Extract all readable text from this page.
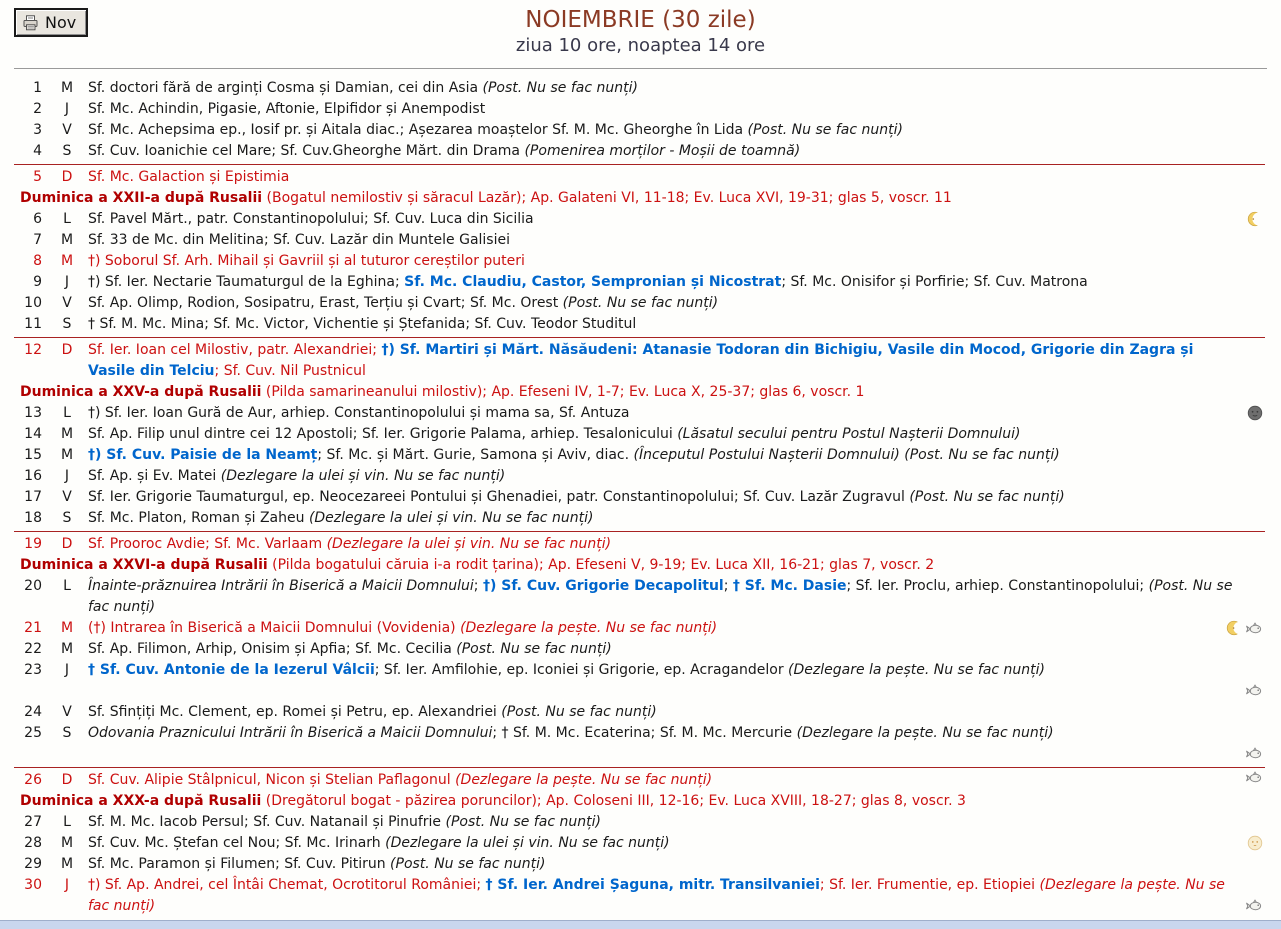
Nov	NOIEMBRIE (30 zile)
ziua 10 ore, noaptea 14 ore
1	M	Sf. doctori fără de arginți Cosma și Damian, cei din Asia (Post. Nu se fac nunți)
2	J	Sf. Mc. Achindin, Pigasie, Aftonie, Elpifidor și Anempodist
3	V	Sf. Mc. Achepsima ep., Iosif pr. și Aitala diac.; Așezarea moaștelor Sf. M. Mc. Gheorghe în Lida (Post. Nu se fac nunți)
4	S	Sf. Cuv. Ioanichie cel Mare; Sf. Cuv.Gheorghe Mărt. din Drama (Pomenirea morților - Moșii de toamnă)
5	D	Sf. Mc. Galaction și Epistimia
Duminica a XXII-a după Rusalii (Bogatul nemilostiv și săracul Lazăr); Ap. Galateni VI, 11-18; Ev. Luca XVI, 19-31; glas 5, voscr. 11
6	L	Sf. Pavel Mărt., patr. Constantinopolului; Sf. Cuv. Luca din Sicilia
7	M	Sf. 33 de Mc. din Melitina; Sf. Cuv. Lazăr din Muntele Galisiei
8	M	†) Soborul Sf. Arh. Mihail și Gavriil și al tuturor cereștilor puteri
9	J	†) Sf. Ier. Nectarie Taumaturgul de la Eghina; Sf. Mc. Claudiu, Castor, Sempronian și Nicostrat; Sf. Mc. Onisifor și Porfirie; Sf. Cuv. Matrona
10	V	Sf. Ap. Olimp, Rodion, Sosipatru, Erast, Terțiu și Cvart; Sf. Mc. Orest (Post. Nu se fac nunți)
11	S	† Sf. M. Mc. Mina; Sf. Mc. Victor, Vichentie și Ștefanida; Sf. Cuv. Teodor Studitul
12	D	Sf. Ier. Ioan cel Milostiv, patr. Alexandriei; †) Sf. Martiri și Mărt. Năsăudeni: Atanasie Todoran din Bichigiu, Vasile din Mocod, Grigorie din Zagra și Vasile din Telciu; Sf. Cuv. Nil Pustnicul
Duminica a XXV-a după Rusalii (Pilda samarineanului milostiv); Ap. Efeseni IV, 1-7; Ev. Luca X, 25-37; glas 6, voscr. 1
13	L	†) Sf. Ier. Ioan Gură de Aur, arhiep. Constantinopolului și mama sa, Sf. Antuza
14	M	Sf. Ap. Filip unul dintre cei 12 Apostoli; Sf. Ier. Grigorie Palama, arhiep. Tesalonicului (Lăsatul secului pentru Postul Nașterii Domnului)
15	M	†) Sf. Cuv. Paisie de la Neamț; Sf. Mc. și Mărt. Gurie, Samona și Aviv, diac. (Începutul Postului Nașterii Domnului) (Post. Nu se fac nunți)
16	J	Sf. Ap. și Ev. Matei (Dezlegare la ulei și vin. Nu se fac nunți)
17	V	Sf. Ier. Grigorie Taumaturgul, ep. Neocezareei Pontului și Ghenadiei, patr. Constantinopolului; Sf. Cuv. Lazăr Zugravul (Post. Nu se fac nunți)
18	S	Sf. Mc. Platon, Roman și Zaheu (Dezlegare la ulei și vin. Nu se fac nunți)
19	D	Sf. Prooroc Avdie; Sf. Mc. Varlaam (Dezlegare la ulei și vin. Nu se fac nunți)
Duminica a XXVI-a după Rusalii (Pilda bogatului căruia i-a rodit țarina); Ap. Efeseni V, 9-19; Ev. Luca XII, 16-21; glas 7, voscr. 2
20	L	Înainte-prăznuirea Intrării în Biserică a Maicii Domnului; †) Sf. Cuv. Grigorie Decapolitul; † Sf. Mc. Dasie; Sf. Ier. Proclu, arhiep. Constantinopolului; (Post. Nu se fac nunți)
21	M	(†) Intrarea în Biserică a Maicii Domnului (Vovidenia) (Dezlegare la pește. Nu se fac nunți)
22	M	Sf. Ap. Filimon, Arhip, Onisim și Apfia; Sf. Mc. Cecilia (Post. Nu se fac nunți)
23	J	† Sf. Cuv. Antonie de la Iezerul Vâlcii; Sf. Ier. Amfilohie, ep. Iconiei și Grigorie, ep. Acragandelor (Dezlegare la pește. Nu se fac nunți)
24	V	Sf. Sfințiți Mc. Clement, ep. Romei și Petru, ep. Alexandriei (Post. Nu se fac nunți)
25	S	Odovania Praznicului Intrării în Biserică a Maicii Domnului; † Sf. M. Mc. Ecaterina; Sf. M. Mc. Mercurie (Dezlegare la pește. Nu se fac nunți)
26	D	Sf. Cuv. Alipie Stâlpnicul, Nicon și Stelian Paflagonul (Dezlegare la pește. Nu se fac nunți)
Duminica a XXX-a după Rusalii (Dregătorul bogat - păzirea poruncilor); Ap. Coloseni III, 12-16; Ev. Luca XVIII, 18-27; glas 8, voscr. 3
27	L	Sf. M. Mc. Iacob Persul; Sf. Cuv. Natanail și Pinufrie (Post. Nu se fac nunți)
28	M	Sf. Cuv. Mc. Ștefan cel Nou; Sf. Mc. Irinarh (Dezlegare la ulei și vin. Nu se fac nunți)
29	M	Sf. Mc. Paramon și Filumen; Sf. Cuv. Pitirun (Post. Nu se fac nunți)
30	J	†) Sf. Ap. Andrei, cel Întâi Chemat, Ocrotitorul României; † Sf. Ier. Andrei Șaguna, mitr. Transilvaniei; Sf. Ier. Frumentie, ep. Etiopiei (Dezlegare la pește. Nu se fac nunți)
